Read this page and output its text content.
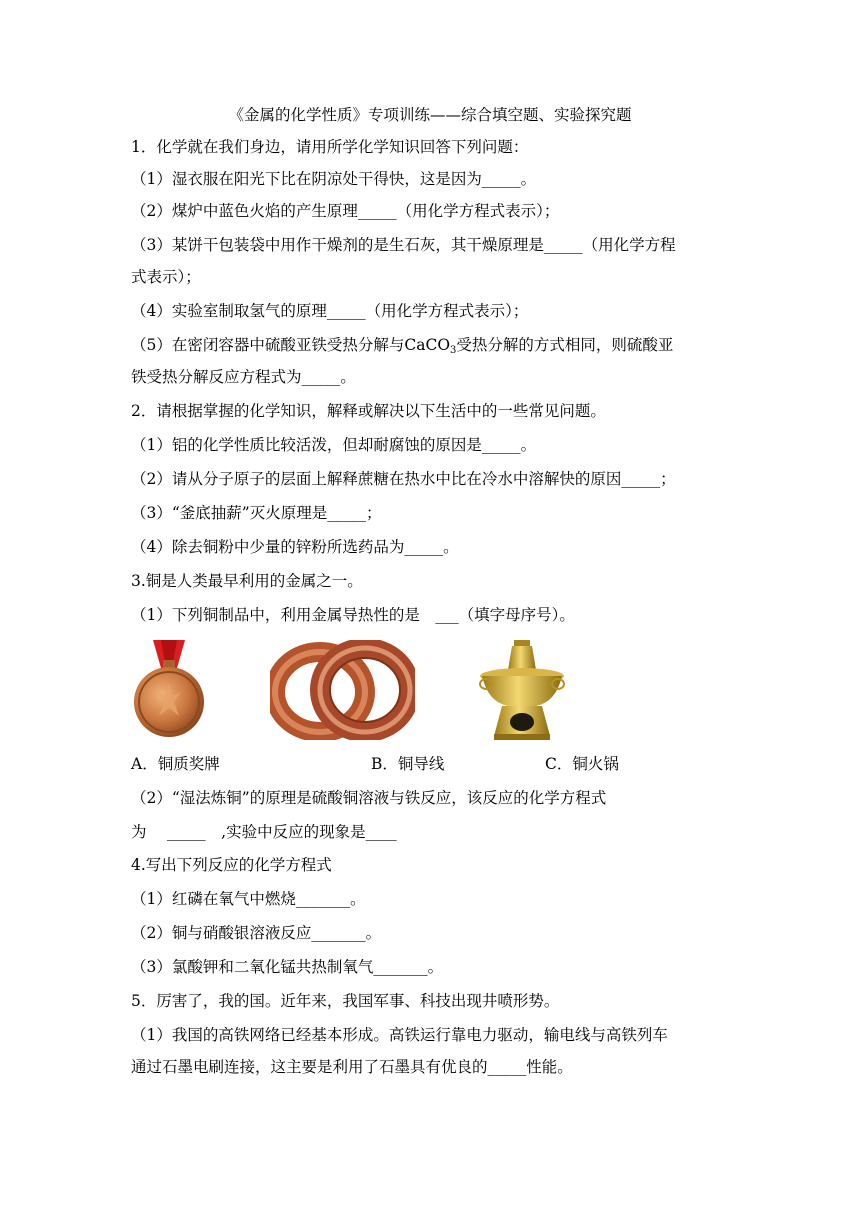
《金属的化学性质》专项训练——综合填空题、实验探究题
1．化学就在我们身边，请用所学化学知识回答下列问题：
（1）湿衣服在阳光下比在阴凉处干得快，这是因为_____。
（2）煤炉中蓝色火焰的产生原理_____（用化学方程式表示）；
（3）某饼干包装袋中用作干燥剂的是生石灰，其干燥原理是_____（用化学方程
式表示）；
（4）实验室制取氢气的原理_____（用化学方程式表示）；
（5）在密闭容器中硫酸亚铁受热分解与CaCO$_3$受热分解的方式相同，则硫酸亚
铁受热分解反应方程式为_____。
2．请根据掌握的化学知识，解释或解决以下生活中的一些常见问题。
（1）铝的化学性质比较活泼，但却耐腐蚀的原因是_____。
（2）请从分子原子的层面上解释蔗糖在热水中比在冷水中溶解快的原因_____；
（3）“釜底抽薪”灭火原理是_____；
（4）除去铜粉中少量的锌粉所选药品为_____。
3.铜是人类最早利用的金属之一。
（1）下列铜制品中，利用金属导热性的是　___（填字母序号）。
A．铜质奖牌	B．铜导线	C．铜火锅
（2）“湿法炼铜”的原理是硫酸铜溶液与铁反应，该反应的化学方程式
为　 _____　,实验中反应的现象是____
4.写出下列反应的化学方程式
（1）红磷在氧气中燃烧_______。
（2）铜与硝酸银溶液反应_______。
（3）氯酸钾和二氧化锰共热制氧气_______。
5．厉害了，我的国。近年来，我国军事、科技出现井喷形势。
（1）我国的高铁网络已经基本形成。高铁运行靠电力驱动，输电线与高铁列车
通过石墨电刷连接，这主要是利用了石墨具有优良的_____性能。
